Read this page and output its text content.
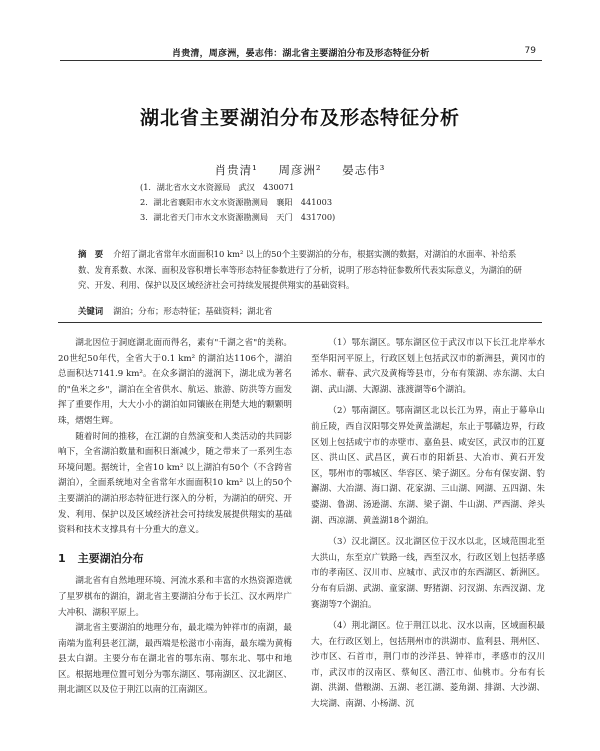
肖贵清，周彦洲，晏志伟：湖北省主要湖泊分布及形态特征分析	79
湖北省主要湖泊分布及形态特征分析
肖贵清¹ 周彦洲² 晏志伟³
(1．湖北省水文水资源局　武汉　430071
2．湖北省襄阳市水文水资源勘测局　襄阳　441003
3．湖北省天门市水文水资源勘测局　天门　431700)
摘　要 介绍了湖北省常年水面面积10 km² 以上的50个主要湖泊的分布，根据实测的数据，对湖泊的水面率、补给系数、发育系数、水深、面积及容积增长率等形态特征参数进行了分析，说明了形态特征参数所代表实际意义，为湖泊的研究、开发、利用、保护以及区域经济社会可持续发展提供翔实的基础资料。
关键词 湖泊；分布；形态特征；基础资料；湖北省

湖北因位于洞庭湖北面而得名，素有"千湖之省"的美称。20世纪50年代，全省大于0.1 km² 的湖泊达1106个，湖泊总面积达7141.9 km²。在众多湖泊的滋润下，湖北成为著名的"鱼米之乡"，湖泊在全省供水、航运、旅游、防洪等方面发挥了重要作用，大大小小的湖泊如同镶嵌在荆楚大地的颗颗明珠，熠熠生辉。

随着时间的推移，在江湖的自然演变和人类活动的共同影响下，全省湖泊数量和面积日渐减少，随之带来了一系列生态环境问题。据统计，全省10 km² 以上湖泊有50个（不含跨省湖泊），全面系统地对全省常年水面面积10 km² 以上的50个主要湖泊的湖泊形态特征进行深入的分析，为湖泊的研究、开发、利用、保护以及区域经济社会可持续发展提供翔实的基础资料和技术支撑具有十分重大的意义。

1 主要湖泊分布

湖北省有自然地理环境、河流水系和丰富的水热资源造就了星罗棋布的湖泊，湖北省主要湖泊分布于长江、汉水两岸广大冲积、湖积平原上。

湖北省主要湖泊的地理分布，最北端为钟祥市的南湖，最南端为监利县老江湖，最西端是松滋市小南海，最东端为黄梅县太白湖。主要分布在湖北省的鄂东南、鄂东北、鄂中和地区。根据地理位置可划分为鄂东湖区、鄂南湖区、汉北湖区、荆北湖区以及位于荆江以南的江南湖区。

（1）鄂东湖区。鄂东湖区位于武汉市以下长江北岸举水至华阳河平原上，行政区划上包括武汉市的新洲县，黄冈市的浠水、蕲春、武穴及黄梅等县市，分布有策湖、赤东湖、太白湖、武山湖、大源湖、涨渡湖等6个湖泊。

（2）鄂南湖区。鄂南湖区北以长江为界，南止于幕阜山前丘陵，西自汉阳鄂交界处黄盖湖起，东止于鄂赣边界，行政区划上包括咸宁市的赤壁市、嘉鱼县、咸安区，武汉市的江夏区、洪山区、武昌区，黄石市的阳新县、大冶市、黄石开发区，鄂州市的鄂城区、华容区、梁子湖区。分布有保安湖、豹澥湖、大冶湖、海口湖、花家湖、三山湖、网湖、五四湖、朱婆湖、鲁湖、汤逊湖、东湖、梁子湖、牛山湖、严西湖、斧头湖、西凉湖、黄盖湖18个湖泊。

（3）汉北湖区。汉北湖区位于汉水以北，区域范围北至大洪山，东至京广铁路一线，西至汉水，行政区划上包括孝感市的孝南区、汉川市、应城市、武汉市的东西湖区、新洲区。分布有后湖、武湖、童家湖、野猪湖、汈汊湖、东西汊湖、龙赛湖等7个湖泊。

（4）荆北湖区。位于荆江以北、汉水以南，区域面积最大，在行政区划上，包括荆州市的洪湖市、监利县、荆州区、沙市区、石首市，荆门市的沙洋县、钟祥市，孝感市的汉川市，武汉市的汉南区、蔡甸区、潜江市、仙桃市。分布有长湖、洪湖、借粮湖、五湖、老江湖、菱角湖、排湖、大沙湖、大垸湖、南湖、小杨湖、沉
